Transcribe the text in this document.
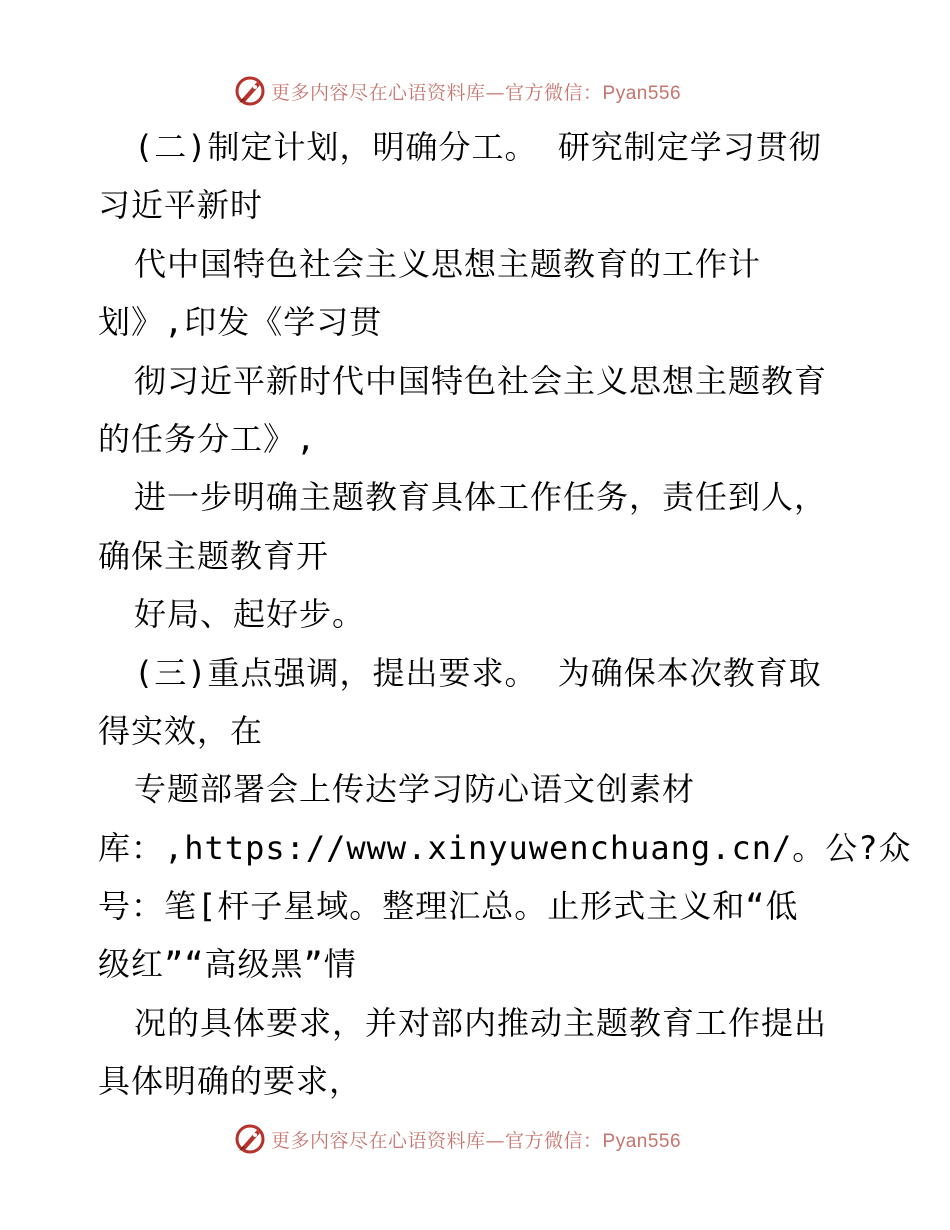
更多内容尽在心语资料库—官方微信：Pyan556
(二)制定计划，明确分工。 研究制定学习贯彻
习近平新时
代中国特色社会主义思想主题教育的工作计
划》,印发《学习贯
彻习近平新时代中国特色社会主义思想主题教育
的任务分工》,
进一步明确主题教育具体工作任务，责任到人，
确保主题教育开
好局、起好步。
(三)重点强调，提出要求。 为确保本次教育取
得实效，在
专题部署会上传达学习防心语文创素材
库：,https://www.xinyuwenchuang.cn/。公?众
号：笔[杆子星域。整理汇总。止形式主义和“低
级红”“高级黑”情
况的具体要求，并对部内推动主题教育工作提出
具体明确的要求，
更多内容尽在心语资料库—官方微信：Pyan556
